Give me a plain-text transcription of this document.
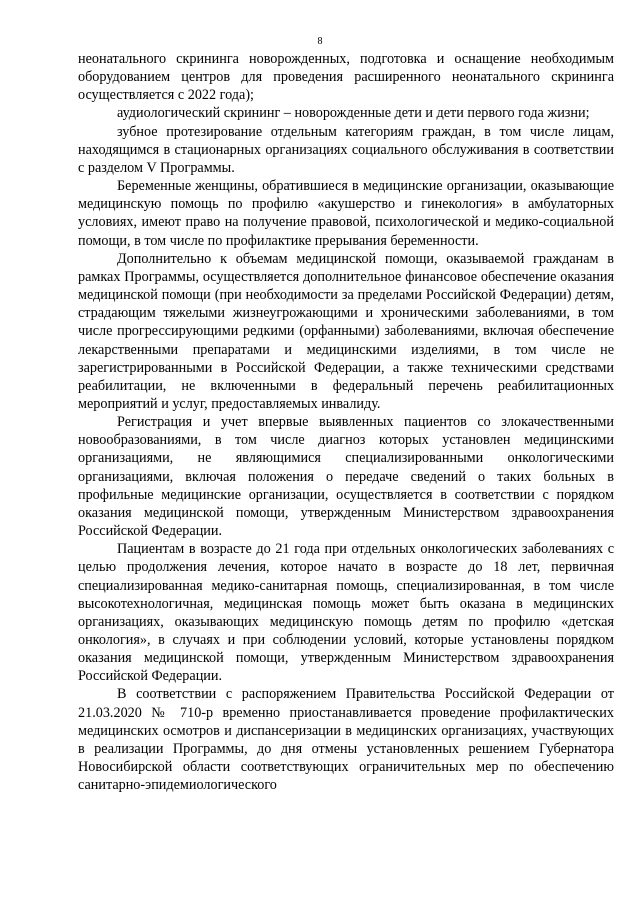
8

неонатального скрининга новорожденных, подготовка и оснащение необходимым оборудованием центров для проведения расширенного неонатального скрининга осуществляется с 2022 года);

аудиологический скрининг – новорожденные дети и дети первого года жизни;

зубное протезирование отдельным категориям граждан, в том числе лицам, находящимся в стационарных организациях социального обслуживания в соответствии с разделом V Программы.

Беременные женщины, обратившиеся в медицинские организации, оказывающие медицинскую помощь по профилю «акушерство и гинекология» в амбулаторных условиях, имеют право на получение правовой, психологической и медико-социальной помощи, в том числе по профилактике прерывания беременности.

Дополнительно к объемам медицинской помощи, оказываемой гражданам в рамках Программы, осуществляется дополнительное финансовое обеспечение оказания медицинской помощи (при необходимости за пределами Российской Федерации) детям, страдающим тяжелыми жизнеугрожающими и хроническими заболеваниями, в том числе прогрессирующими редкими (орфанными) заболеваниями, включая обеспечение лекарственными препаратами и медицинскими изделиями, в том числе не зарегистрированными в Российской Федерации, а также техническими средствами реабилитации, не включенными в федеральный перечень реабилитационных мероприятий и услуг, предоставляемых инвалиду.

Регистрация и учет впервые выявленных пациентов со злокачественными новообразованиями, в том числе диагноз которых установлен медицинскими организациями, не являющимися специализированными онкологическими организациями, включая положения о передаче сведений о таких больных в профильные медицинские организации, осуществляется в соответствии с порядком оказания медицинской помощи, утвержденным Министерством здравоохранения Российской Федерации.

Пациентам в возрасте до 21 года при отдельных онкологических заболеваниях с целью продолжения лечения, которое начато в возрасте до 18 лет, первичная специализированная медико-санитарная помощь, специализированная, в том числе высокотехнологичная, медицинская помощь может быть оказана в медицинских организациях, оказывающих медицинскую помощь детям по профилю «детская онкология», в случаях и при соблюдении условий, которые установлены порядком оказания медицинской помощи, утвержденным Министерством здравоохранения Российской Федерации.

В соответствии с распоряжением Правительства Российской Федерации от 21.03.2020 № 710-р временно приостанавливается проведение профилактических медицинских осмотров и диспансеризации в медицинских организациях, участвующих в реализации Программы, до дня отмены установленных решением Губернатора Новосибирской области соответствующих ограничительных мер по обеспечению санитарно-эпидемиологического
